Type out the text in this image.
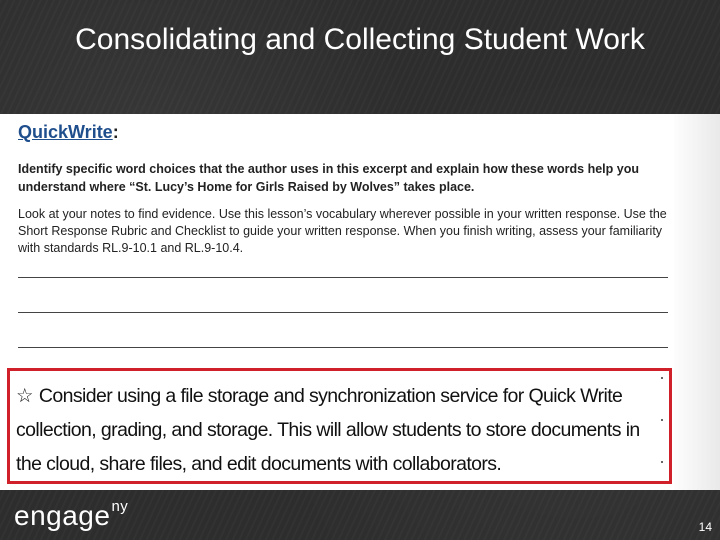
Consolidating and Collecting Student Work
QuickWrite:
Identify specific word choices that the author uses in this excerpt and explain how these words help you understand where “St. Lucy’s Home for Girls Raised by Wolves” takes place.
Look at your notes to find evidence. Use this lesson’s vocabulary wherever possible in your written response. Use the Short Response Rubric and Checklist to guide your written response. When you finish writing, assess your familiarity with standards RL.9-10.1 and RL.9-10.4.
☆ Consider using a file storage and synchronization service for Quick Write collection, grading, and storage. This will allow students to store documents in the cloud, share files, and edit documents with collaborators.
engage$^{ny}$
14
